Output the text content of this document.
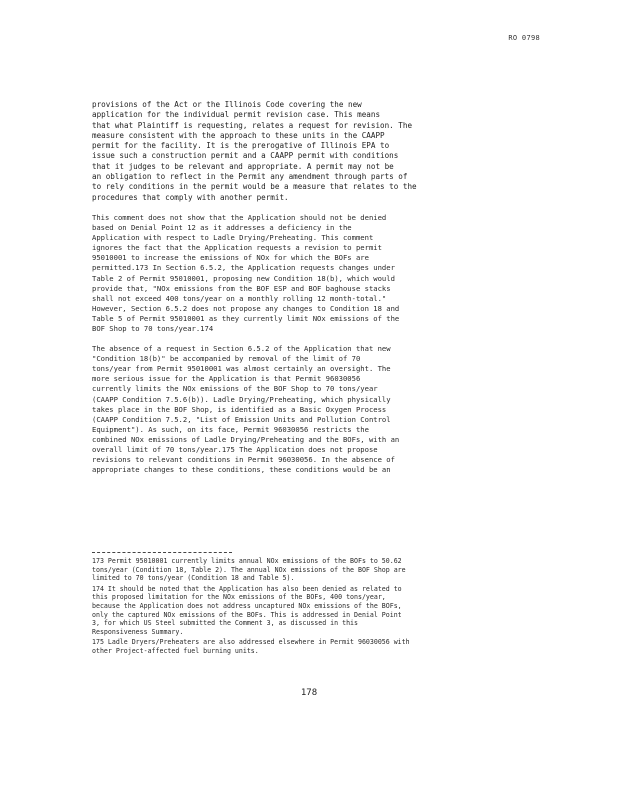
RO 0798

provisions of the Act or the Illinois Code covering the new
application for the individual permit revision case. This means
that what Plaintiff is requesting, relates a request for revision. The
measure consistent with the approach to these units in the CAAPP
permit for the facility. It is the prerogative of Illinois EPA to
issue such a construction permit and a CAAPP permit with conditions
that it judges to be relevant and appropriate. A permit may not be
an obligation to reflect in the Permit any amendment through parts of
to rely conditions in the permit would be a measure that relates to the
procedures that comply with another permit.

This comment does not show that the Application should not be denied
based on Denial Point 12 as it addresses a deficiency in the
Application with respect to Ladle Drying/Preheating. This comment
ignores the fact that the Application requests a revision to permit
95010001 to increase the emissions of NOx for which the BOFs are
permitted.173 In Section 6.5.2, the Application requests changes under
Table 2 of Permit 95010001, proposing new Condition 18(b), which would
provide that, "NOx emissions from the BOF ESP and BOF baghouse stacks
shall not exceed 400 tons/year on a monthly rolling 12 month-total."
However, Section 6.5.2 does not propose any changes to Condition 18 and
Table 5 of Permit 95010001 as they currently limit NOx emissions of the
BOF Shop to 70 tons/year.174

The absence of a request in Section 6.5.2 of the Application that new
"Condition 18(b)" be accompanied by removal of the limit of 70
tons/year from Permit 95010001 was almost certainly an oversight. The
more serious issue for the Application is that Permit 96030056
currently limits the NOx emissions of the BOF Shop to 70 tons/year
(CAAPP Condition 7.5.6(b)). Ladle Drying/Preheating, which physically
takes place in the BOF Shop, is identified as a Basic Oxygen Process
(CAAPP Condition 7.5.2, "List of Emission Units and Pollution Control
Equipment"). As such, on its face, Permit 96030056 restricts the
combined NOx emissions of Ladle Drying/Preheating and the BOFs, with an
overall limit of 70 tons/year.175 The Application does not propose
revisions to relevant conditions in Permit 96030056. In the absence of
appropriate changes to these conditions, these conditions would be an

173 Permit 95010001 currently limits annual NOx emissions of the BOFs to 50.62
tons/year (Condition 18, Table 2). The annual NOx emissions of the BOF Shop are
limited to 70 tons/year (Condition 18 and Table 5).

174 It should be noted that the Application has also been denied as related to
this proposed limitation for the NOx emissions of the BOFs, 400 tons/year,
because the Application does not address uncaptured NOx emissions of the BOFs,
only the captured NOx emissions of the BOFs. This is addressed in Denial Point
3, for which US Steel submitted the Comment 3, as discussed in this
Responsiveness Summary.

175 Ladle Dryers/Preheaters are also addressed elsewhere in Permit 96030056 with
other Project-affected fuel burning units.

178
